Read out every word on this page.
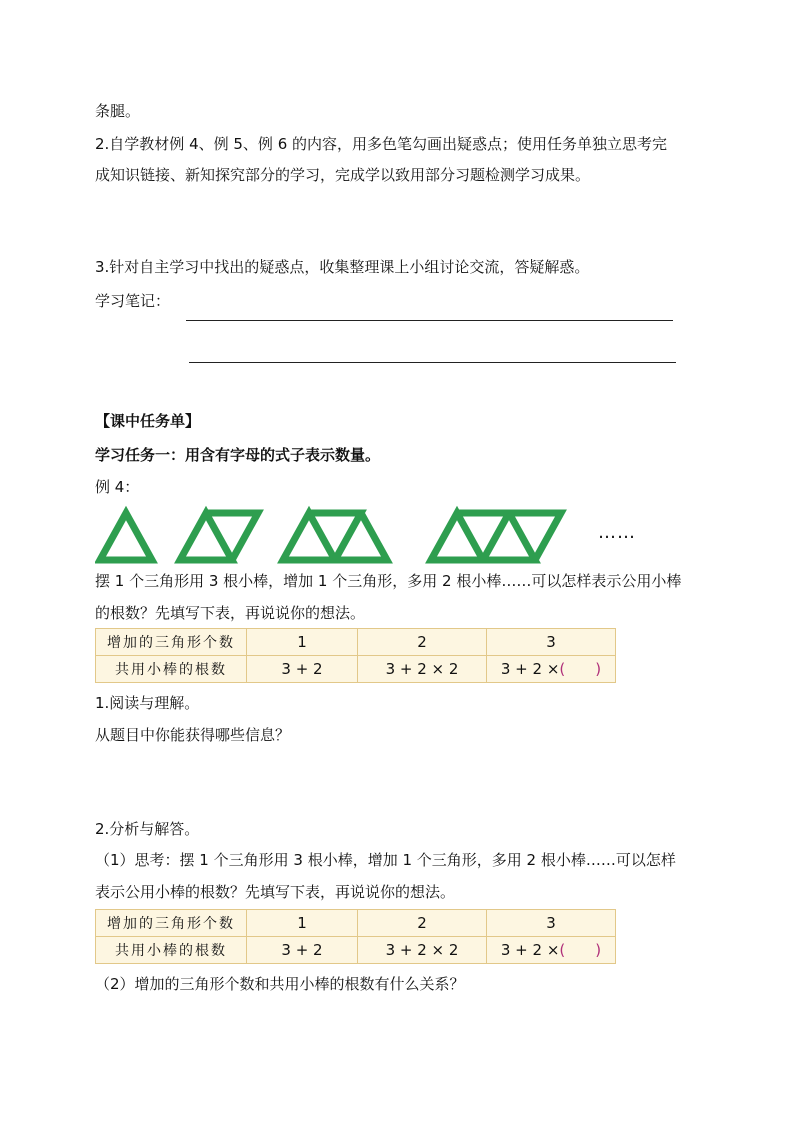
条腿。
2.自学教材例 4、例 5、例 6 的内容，用多色笔勾画出疑惑点；使用任务单独立思考完
成知识链接、新知探究部分的学习，完成学以致用部分习题检测学习成果。
3.针对自主学习中找出的疑惑点，收集整理课上小组讨论交流，答疑解惑。
学习笔记：
【课中任务单】
学习任务一：用含有字母的式子表示数量。
例 4：
……
摆 1 个三角形用 3 根小棒，增加 1 个三角形，多用 2 根小棒……可以怎样表示公用小棒
的根数？先填写下表，再说说你的想法。
增加的三角形个数	1	2	3
共用小棒的根数	3 + 2	3 + 2 × 2	3 + 2 ×( )
1.阅读与理解。
从题目中你能获得哪些信息？
2.分析与解答。
（1）思考：摆 1 个三角形用 3 根小棒，增加 1 个三角形，多用 2 根小棒……可以怎样
表示公用小棒的根数？先填写下表，再说说你的想法。
增加的三角形个数	1	2	3
共用小棒的根数	3 + 2	3 + 2 × 2	3 + 2 ×( )
（2）增加的三角形个数和共用小棒的根数有什么关系？
